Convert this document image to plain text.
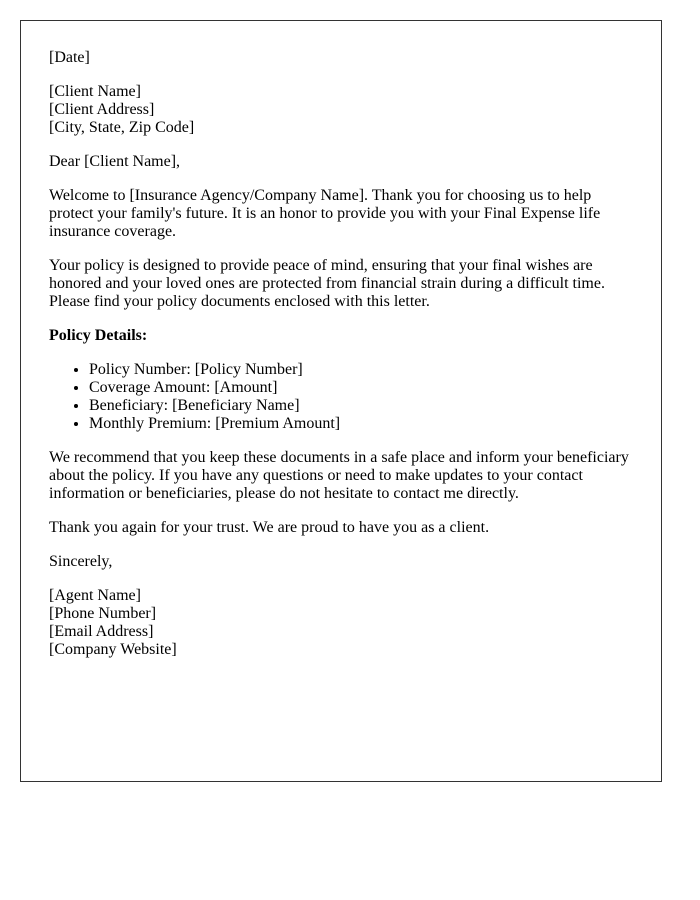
[Date]

[Client Name]
[Client Address]
[City, State, Zip Code]

Dear [Client Name],

Welcome to [Insurance Agency/Company Name]. Thank you for choosing us to help protect your family's future. It is an honor to provide you with your Final Expense life insurance coverage.

Your policy is designed to provide peace of mind, ensuring that your final wishes are honored and your loved ones are protected from financial strain during a difficult time. Please find your policy documents enclosed with this letter.

Policy Details:

• Policy Number: [Policy Number]
• Coverage Amount: [Amount]
• Beneficiary: [Beneficiary Name]
• Monthly Premium: [Premium Amount]

We recommend that you keep these documents in a safe place and inform your beneficiary about the policy. If you have any questions or need to make updates to your contact information or beneficiaries, please do not hesitate to contact me directly.

Thank you again for your trust. We are proud to have you as a client.

Sincerely,

[Agent Name]
[Phone Number]
[Email Address]
[Company Website]
